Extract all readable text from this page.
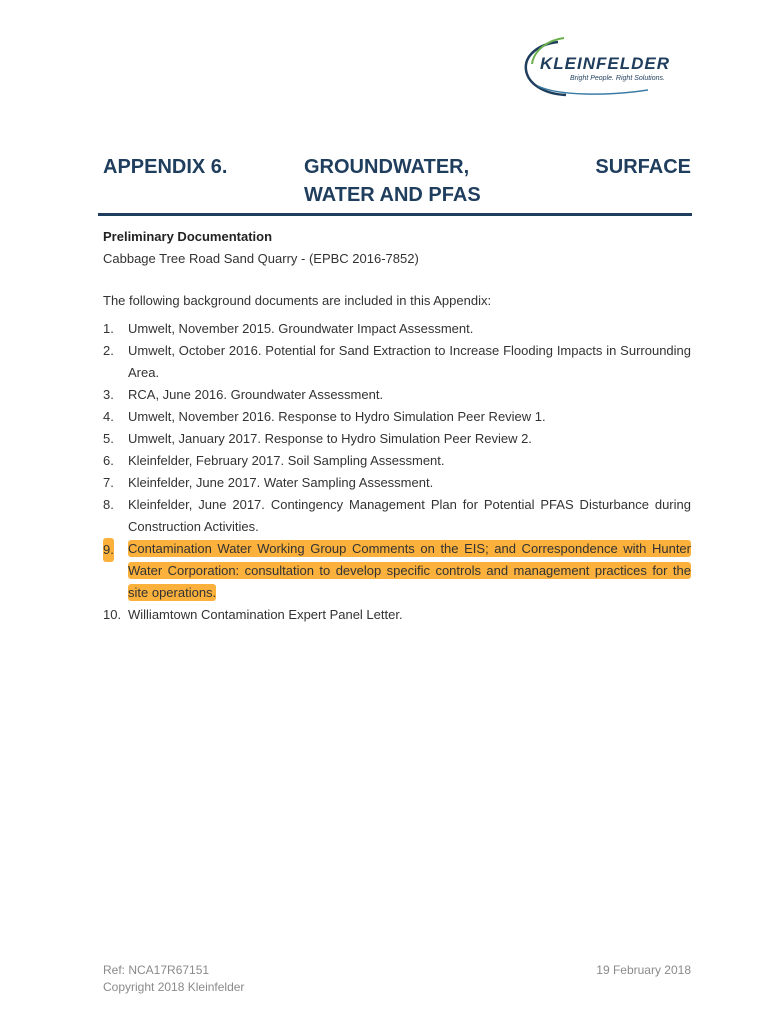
KLEINFELDER
Bright People. Right Solutions.
APPENDIX 6.	GROUNDWATER,	SURFACE
WATER AND PFAS
Preliminary Documentation
Cabbage Tree Road Sand Quarry - (EPBC 2016-7852)
The following background documents are included in this Appendix:
1. Umwelt, November 2015. Groundwater Impact Assessment.
2. Umwelt, October 2016. Potential for Sand Extraction to Increase Flooding Impacts in Surrounding Area.
3. RCA, June 2016. Groundwater Assessment.
4. Umwelt, November 2016. Response to Hydro Simulation Peer Review 1.
5. Umwelt, January 2017. Response to Hydro Simulation Peer Review 2.
6. Kleinfelder, February 2017. Soil Sampling Assessment.
7. Kleinfelder, June 2017. Water Sampling Assessment.
8. Kleinfelder, June 2017. Contingency Management Plan for Potential PFAS Disturbance during Construction Activities.
9. Contamination Water Working Group Comments on the EIS; and Correspondence with Hunter Water Corporation: consultation to develop specific controls and management practices for the site operations.
10. Williamtown Contamination Expert Panel Letter.
Ref: NCA17R67151
Copyright 2018 Kleinfelder
19 February 2018
